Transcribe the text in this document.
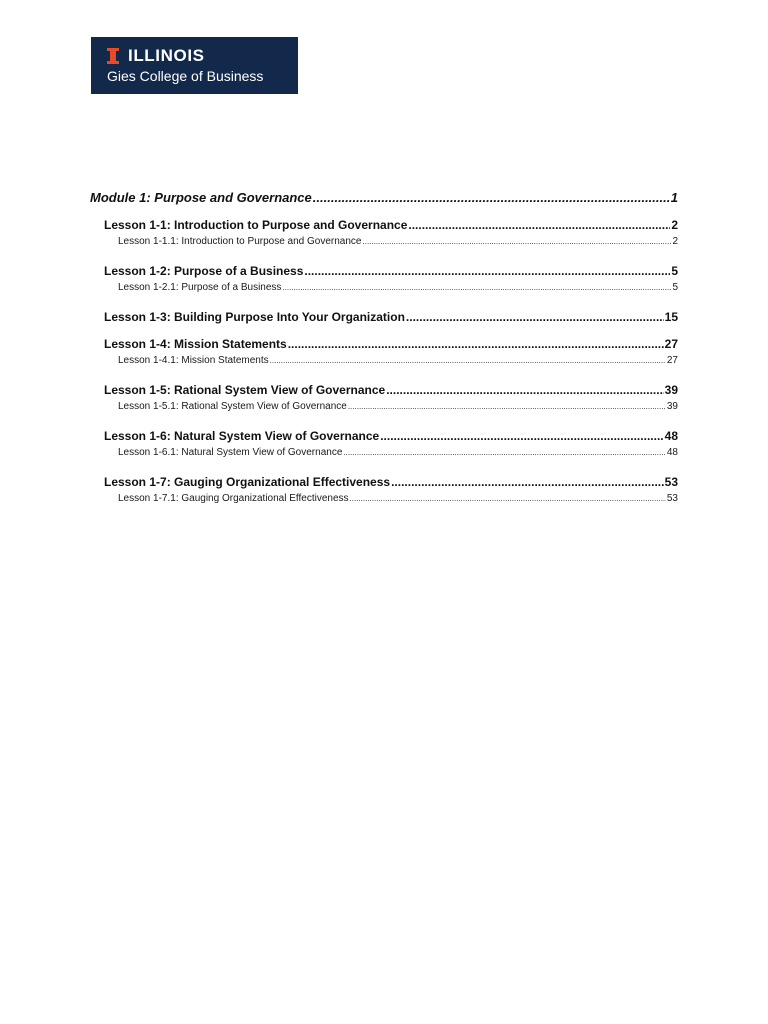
ILLINOIS
Gies College of Business
Module 1: Purpose and Governance .....	1
Lesson 1-1: Introduction to Purpose and Governance .....	2
Lesson 1-1.1: Introduction to Purpose and Governance .....	2
Lesson 1-2: Purpose of a Business .....	5
Lesson 1-2.1: Purpose of a Business .....	5
Lesson 1-3: Building Purpose Into Your Organization .....	15
Lesson 1-4: Mission Statements .....	27
Lesson 1-4.1: Mission Statements .....	27
Lesson 1-5: Rational System View of Governance .....	39
Lesson 1-5.1: Rational System View of Governance .....	39
Lesson 1-6: Natural System View of Governance .....	48
Lesson 1-6.1: Natural System View of Governance .....	48
Lesson 1-7: Gauging Organizational Effectiveness .....	53
Lesson 1-7.1: Gauging Organizational Effectiveness .....	53
